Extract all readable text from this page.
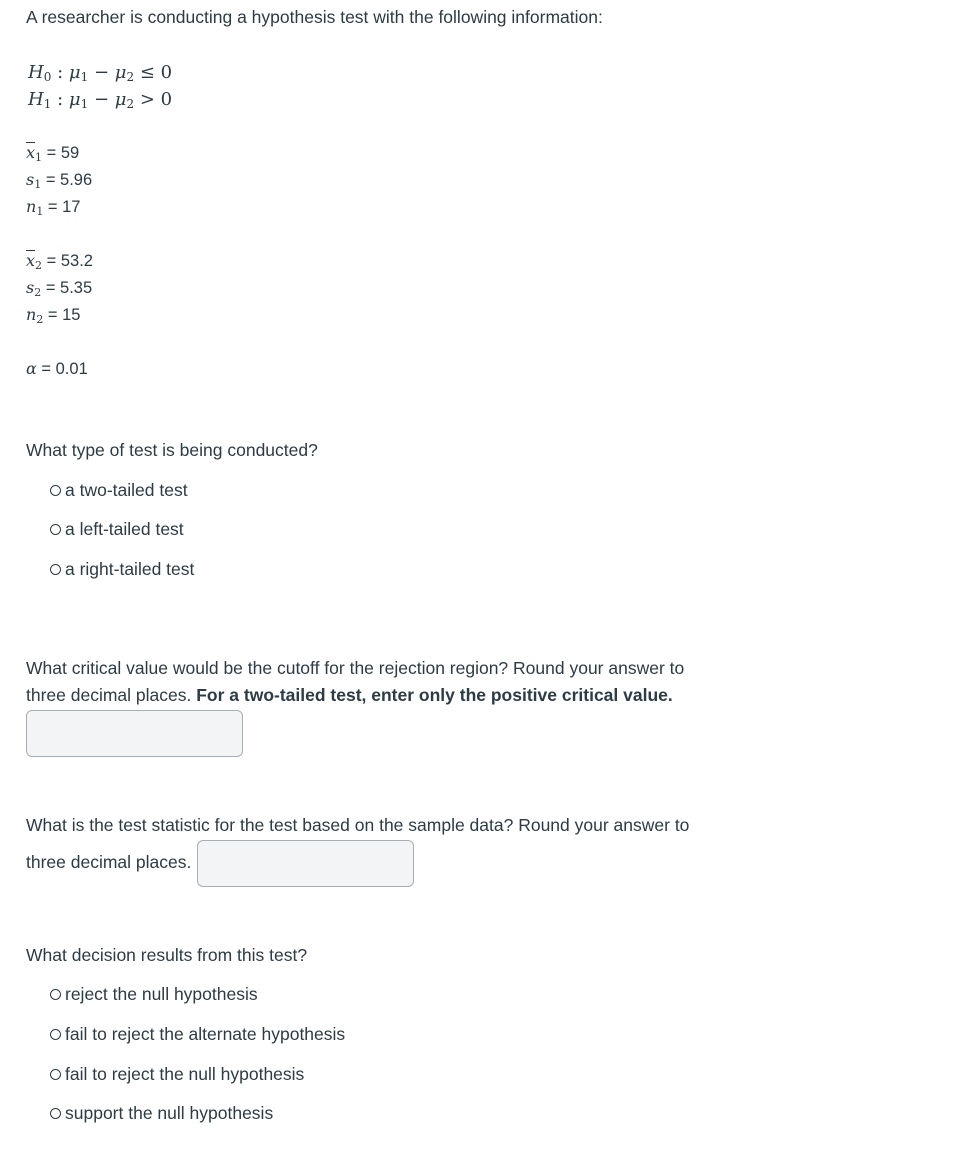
A researcher is conducting a hypothesis test with the following information:
$H_0$ : $\mu_1 - \mu_2 \le 0$
$H_1$ : $\mu_1 - \mu_2 > 0$
$\overline{x}_1 = 59$
$s_1 = 5.96$
$n_1 = 17$
$\overline{x}_2 = 53.2$
$s_2 = 5.35$
$n_2 = 15$
α = 0.01
What type of test is being conducted?
a two-tailed test
a left-tailed test
a right-tailed test
What critical value would be the cutoff for the rejection region? Round your answer to
three decimal places. For a two-tailed test, enter only the positive critical value.
What is the test statistic for the test based on the sample data? Round your answer to
three decimal places.
What decision results from this test?
reject the null hypothesis
fail to reject the alternate hypothesis
fail to reject the null hypothesis
support the null hypothesis
